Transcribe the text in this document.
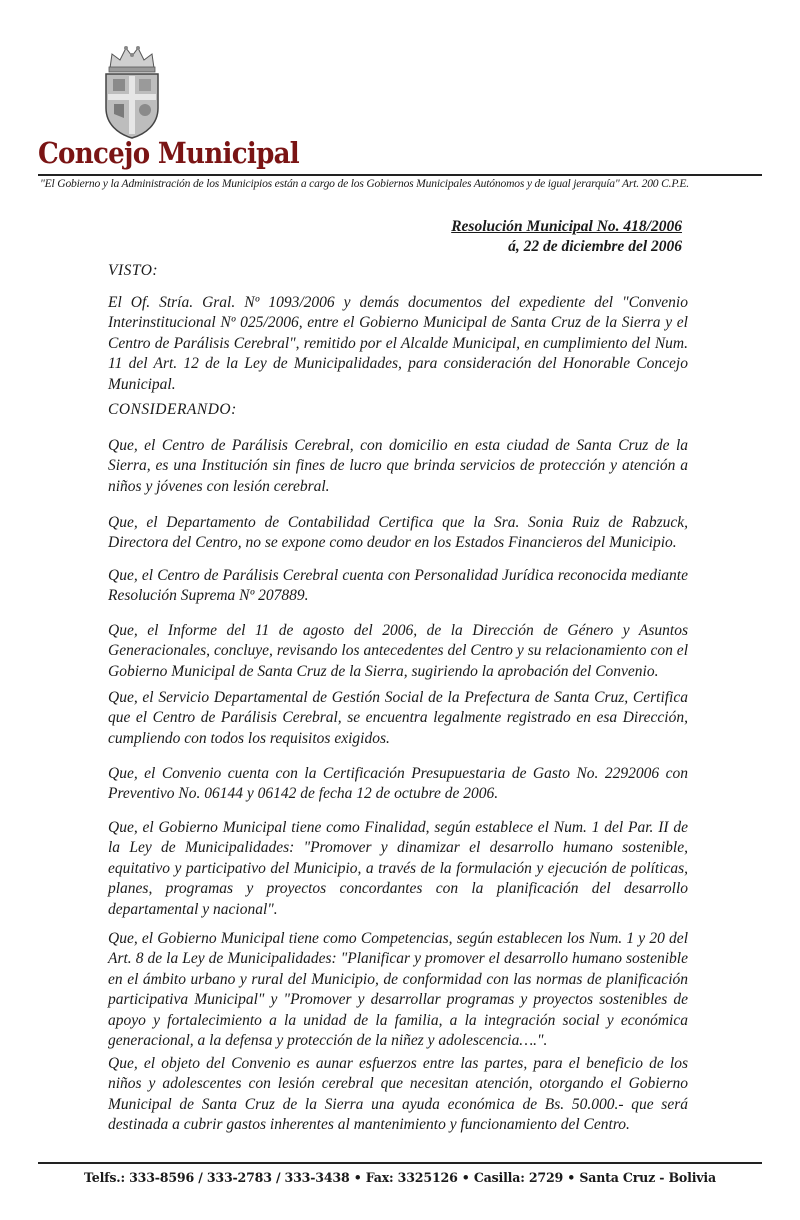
Concejo Municipal
"El Gobierno y la Administración de los Municipios están a cargo de los Gobiernos Municipales Autónomos y de igual jerarquía" Art. 200 C.P.E.
Resolución Municipal No. 418/2006
á, 22 de diciembre del 2006
VISTO:
El Of. Stría. Gral. Nº 1093/2006 y demás documentos del expediente del "Convenio Interinstitucional Nº 025/2006, entre el Gobierno Municipal de Santa Cruz de la Sierra y el Centro de Parálisis Cerebral", remitido por el Alcalde Municipal, en cumplimiento del Num. 11 del Art. 12 de la Ley de Municipalidades, para consideración del Honorable Concejo Municipal.
CONSIDERANDO:
Que, el Centro de Parálisis Cerebral, con domicilio en esta ciudad de Santa Cruz de la Sierra, es una Institución sin fines de lucro que brinda servicios de protección y atención a niños y jóvenes con lesión cerebral.
Que, el Departamento de Contabilidad Certifica que la Sra. Sonia Ruiz de Rabzuck, Directora del Centro, no se expone como deudor en los Estados Financieros del Municipio.
Que, el Centro de Parálisis Cerebral cuenta con Personalidad Jurídica reconocida mediante Resolución Suprema Nº 207889.
Que, el Informe del 11 de agosto del 2006, de la Dirección de Género y Asuntos Generacionales, concluye, revisando los antecedentes del Centro y su relacionamiento con el Gobierno Municipal de Santa Cruz de la Sierra, sugiriendo la aprobación del Convenio.
Que, el Servicio Departamental de Gestión Social de la Prefectura de Santa Cruz, Certifica que el Centro de Parálisis Cerebral, se encuentra legalmente registrado en esa Dirección, cumpliendo con todos los requisitos exigidos.
Que, el Convenio cuenta con la Certificación Presupuestaria de Gasto No. 2292006 con Preventivo No. 06144 y 06142 de fecha 12 de octubre de 2006.
Que, el Gobierno Municipal tiene como Finalidad, según establece el Num. 1 del Par. II de la Ley de Municipalidades: "Promover y dinamizar el desarrollo humano sostenible, equitativo y participativo del Municipio, a través de la formulación y ejecución de políticas, planes, programas y proyectos concordantes con la planificación del desarrollo departamental y nacional".
Que, el Gobierno Municipal tiene como Competencias, según establecen los Num. 1 y 20 del Art. 8 de la Ley de Municipalidades: "Planificar y promover el desarrollo humano sostenible en el ámbito urbano y rural del Municipio, de conformidad con las normas de planificación participativa Municipal" y "Promover y desarrollar programas y proyectos sostenibles de apoyo y fortalecimiento a la unidad de la familia, a la integración social y económica generacional, a la defensa y protección de la niñez y adolescencia….".
Que, el objeto del Convenio es aunar esfuerzos entre las partes, para el beneficio de los niños y adolescentes con lesión cerebral que necesitan atención, otorgando el Gobierno Municipal de Santa Cruz de la Sierra una ayuda económica de Bs. 50.000.- que será destinada a cubrir gastos inherentes al mantenimiento y funcionamiento del Centro.
Telfs.: 333-8596 / 333-2783 / 333-3438 • Fax: 3325126 • Casilla: 2729 • Santa Cruz - Bolivia
